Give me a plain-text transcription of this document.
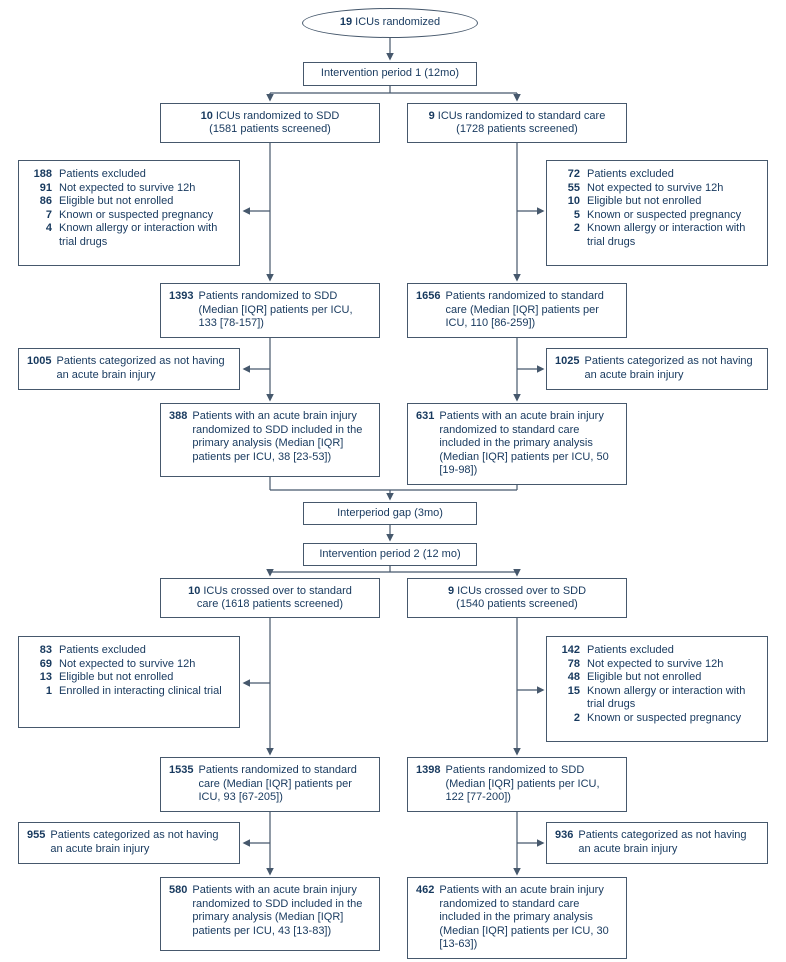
19 ICUs randomized
Intervention period 1 (12mo)
10 ICUs randomized to SDD
(1581 patients screened)
9 ICUs randomized to standard care
(1728 patients screened)
188 Patients excluded
91 Not expected to survive 12h
86 Eligible but not enrolled
7 Known or suspected pregnancy
4 Known allergy or interaction with trial drugs
72 Patients excluded
55 Not expected to survive 12h
10 Eligible but not enrolled
5 Known or suspected pregnancy
2 Known allergy or interaction with trial drugs
1393 Patients randomized to SDD (Median [IQR] patients per ICU, 133 [78-157])
1656 Patients randomized to standard care (Median [IQR] patients per ICU, 110 [86-259])
1005 Patients categorized as not having an acute brain injury
1025 Patients categorized as not having an acute brain injury
388 Patients with an acute brain injury randomized to SDD included in the primary analysis (Median [IQR] patients per ICU, 38 [23-53])
631 Patients with an acute brain injury randomized to standard care included in the primary analysis (Median [IQR] patients per ICU, 50 [19-98])
Interperiod gap (3mo)
Intervention period 2 (12 mo)
10 ICUs crossed over to standard
care (1618 patients screened)
9 ICUs crossed over to SDD
(1540 patients screened)
83 Patients excluded
69 Not expected to survive 12h
13 Eligible but not enrolled
1 Enrolled in interacting clinical trial
142 Patients excluded
78 Not expected to survive 12h
48 Eligible but not enrolled
15 Known allergy or interaction with trial drugs
2 Known or suspected pregnancy
1535 Patients randomized to standard care (Median [IQR] patients per ICU, 93 [67-205])
1398 Patients randomized to SDD (Median [IQR] patients per ICU, 122 [77-200])
955 Patients categorized as not having an acute brain injury
936 Patients categorized as not having an acute brain injury
580 Patients with an acute brain injury randomized to SDD included in the primary analysis (Median [IQR] patients per ICU, 43 [13-83])
462 Patients with an acute brain injury randomized to standard care included in the primary analysis (Median [IQR] patients per ICU, 30 [13-63])
